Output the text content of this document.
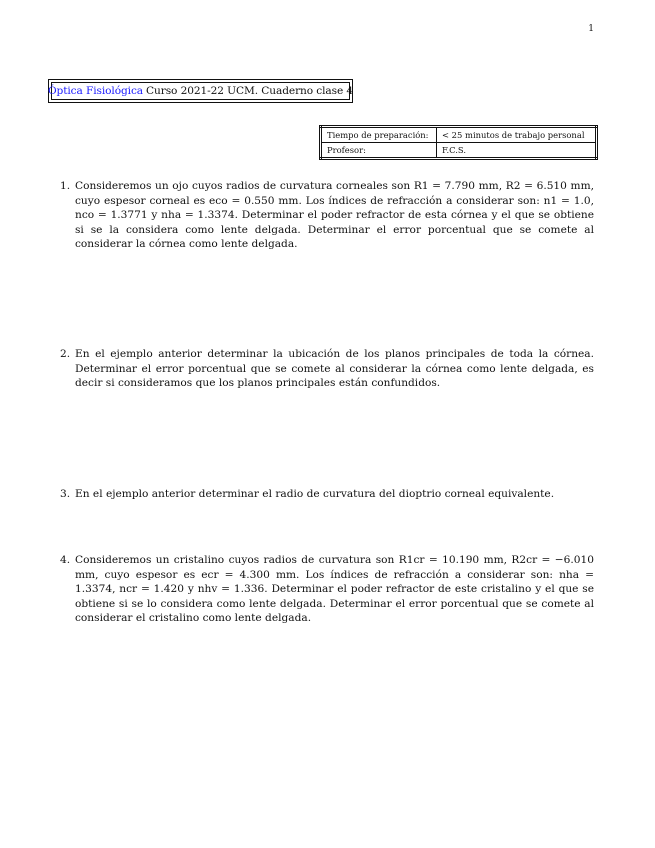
1
Óptica Fisiológica Curso 2021-22 UCM. Cuaderno clase 4
Tiempo de preparación:	< 25 minutos de trabajo personal
Profesor:	F.C.S.
1. Consideremos un ojo cuyos radios de curvatura corneales son R1 = 7.790 mm, R2 = 6.510 mm, cuyo espesor corneal es eco = 0.550 mm. Los índices de refracción a considerar son: n1 = 1.0, nco = 1.3771 y nha = 1.3374. Determinar el poder refractor de esta córnea y el que se obtiene si se la considera como lente delgada. Determinar el error porcentual que se comete al considerar la córnea como lente delgada.
2. En el ejemplo anterior determinar la ubicación de los planos principales de toda la córnea. Determinar el error porcentual que se comete al considerar la córnea como lente delgada, es decir si consideramos que los planos principales están confundidos.
3. En el ejemplo anterior determinar el radio de curvatura del dioptrio corneal equivalente.
4. Consideremos un cristalino cuyos radios de curvatura son R1cr = 10.190 mm, R2cr = −6.010 mm, cuyo espesor es ecr = 4.300 mm. Los índices de refracción a considerar son: nha = 1.3374, ncr = 1.420 y nhv = 1.336. Determinar el poder refractor de este cristalino y el que se obtiene si se lo considera como lente delgada. Determinar el error porcentual que se comete al considerar el cristalino como lente delgada.
